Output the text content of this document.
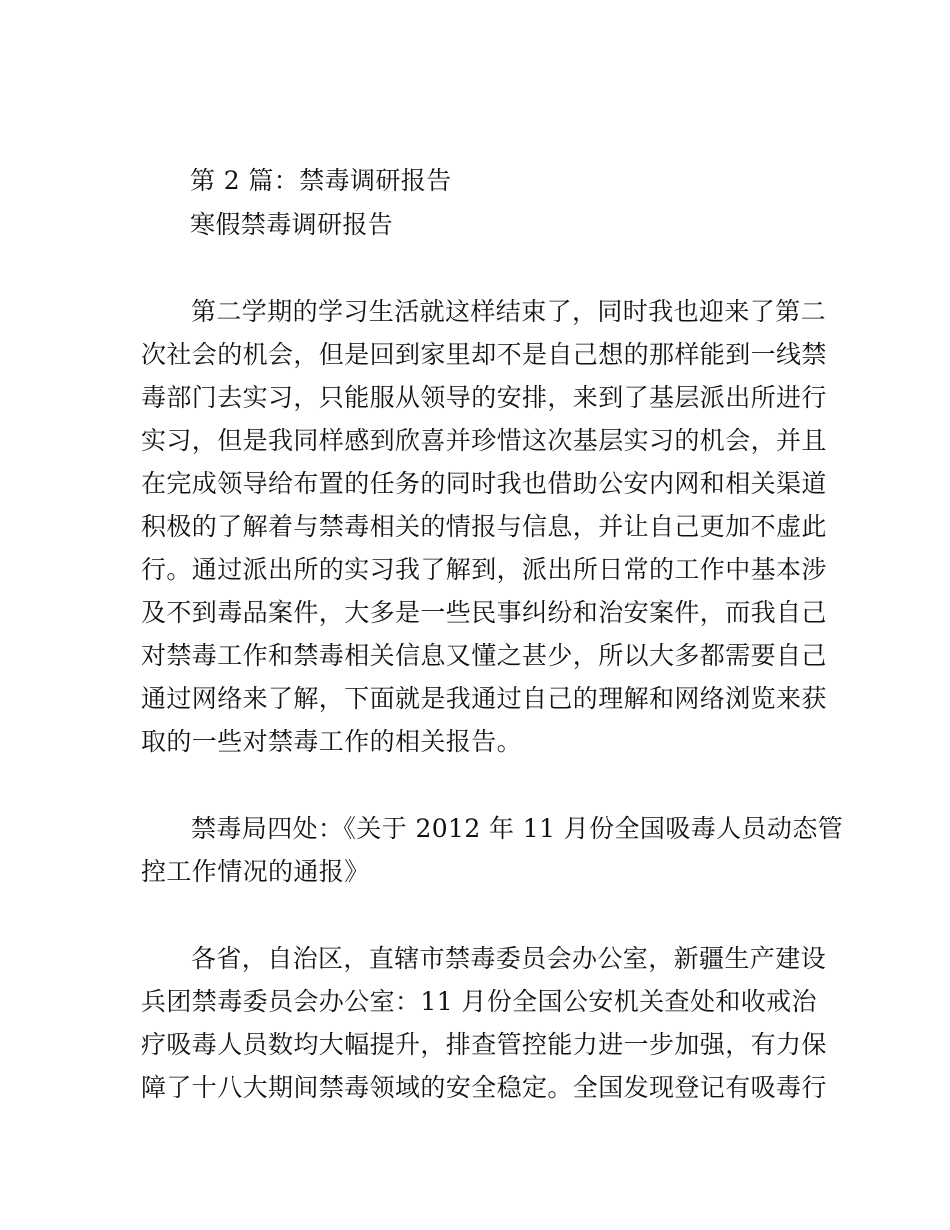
第 2 篇：禁毒调研报告
寒假禁毒调研报告
第二学期的学习生活就这样结束了，同时我也迎来了第二
次社会的机会，但是回到家里却不是自己想的那样能到一线禁
毒部门去实习，只能服从领导的安排，来到了基层派出所进行
实习，但是我同样感到欣喜并珍惜这次基层实习的机会，并且
在完成领导给布置的任务的同时我也借助公安内网和相关渠道
积极的了解着与禁毒相关的情报与信息，并让自己更加不虚此
行。通过派出所的实习我了解到，派出所日常的工作中基本涉
及不到毒品案件，大多是一些民事纠纷和治安案件，而我自己
对禁毒工作和禁毒相关信息又懂之甚少，所以大多都需要自己
通过网络来了解，下面就是我通过自己的理解和网络浏览来获
取的一些对禁毒工作的相关报告。
禁毒局四处：《关于 2012 年 11 月份全国吸毒人员动态管
控工作情况的通报》
各省，自治区，直辖市禁毒委员会办公室，新疆生产建设
兵团禁毒委员会办公室：11 月份全国公安机关查处和收戒治
疗吸毒人员数均大幅提升，排查管控能力进一步加强，有力保
障了十八大期间禁毒领域的安全稳定。全国发现登记有吸毒行
